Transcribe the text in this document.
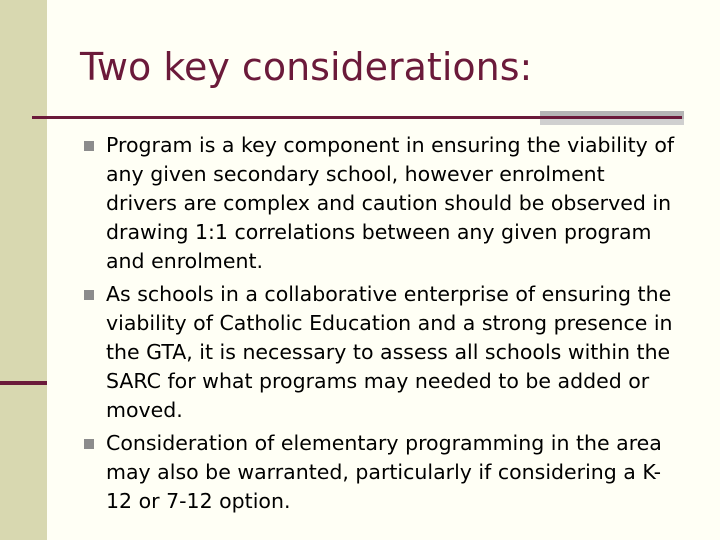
Two key considerations:
Program is a key component in ensuring the viability of any given secondary school, however enrolment drivers are complex and caution should be observed in drawing 1:1 correlations between any given program and enrolment.
As schools in a collaborative enterprise of ensuring the viability of Catholic Education and a strong presence in the GTA, it is necessary to assess all schools within the SARC for what programs may needed to be added or moved.
Consideration of elementary programming in the area may also be warranted, particularly if considering a K-12 or 7-12 option.
